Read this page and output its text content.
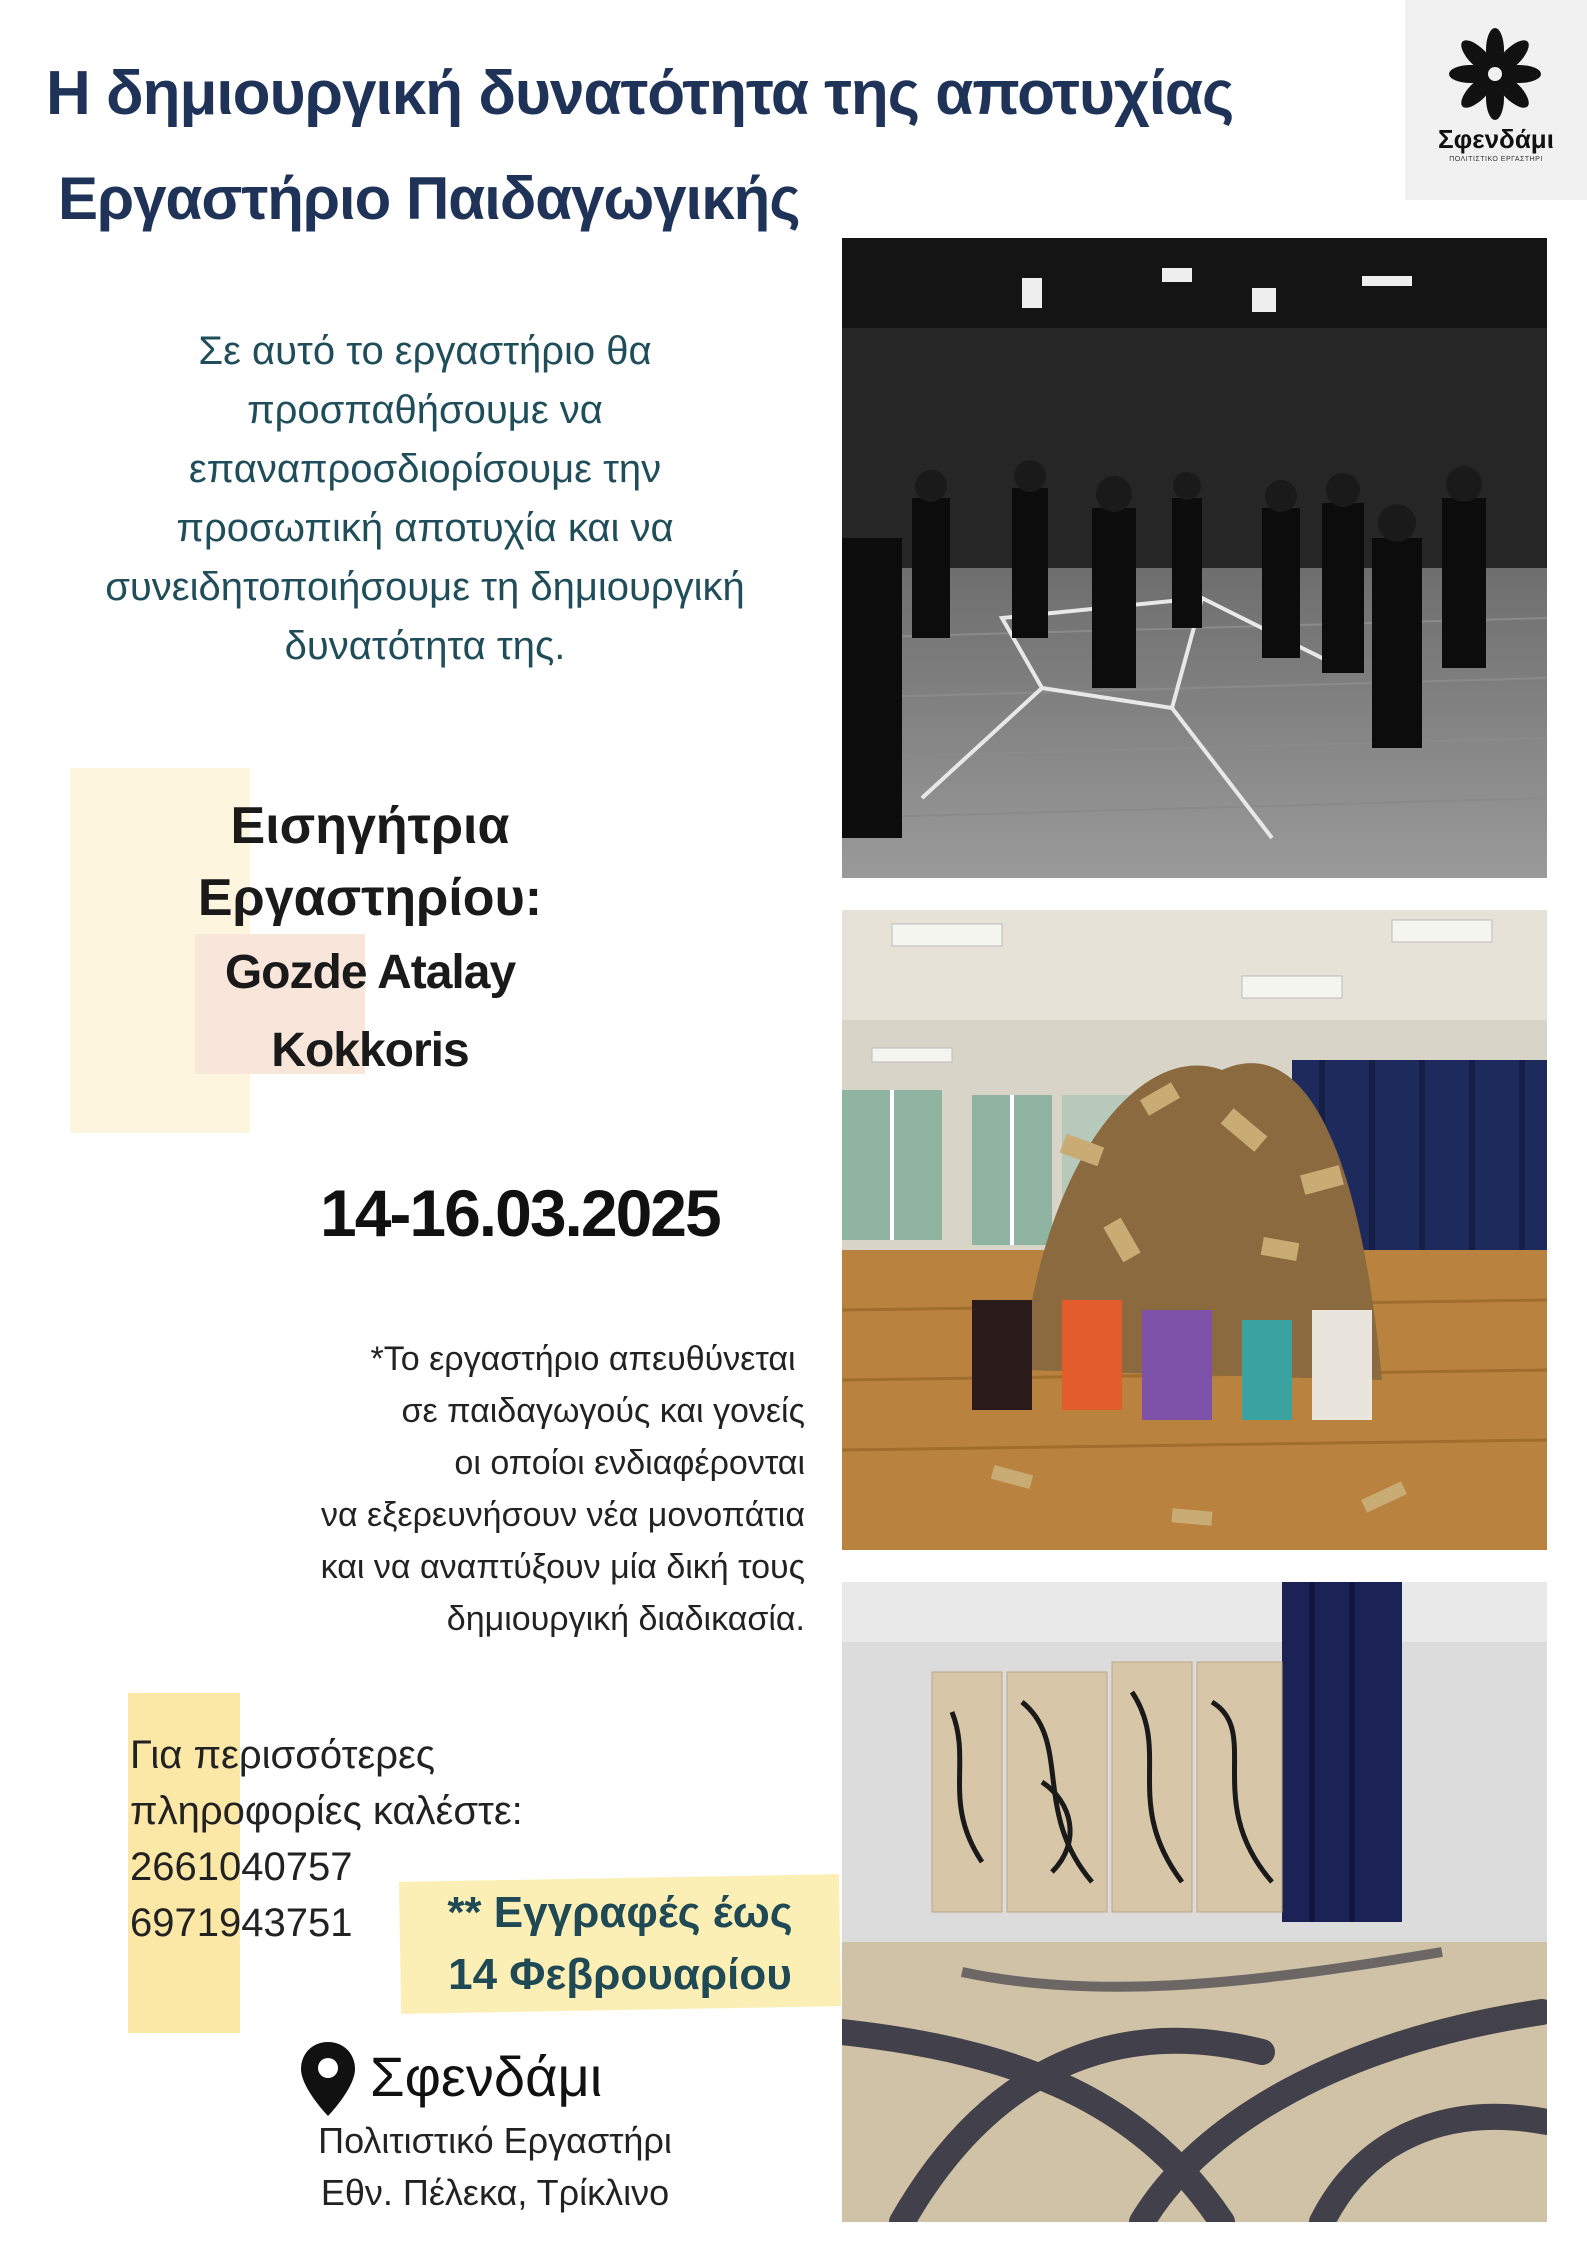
Η δημιουργική δυνατότητα της αποτυχίας
Εργαστήριο Παιδαγωγικής
Σφενδάμι
ΠΟΛΙΤΙΣΤΙΚΟ ΕΡΓΑΣΤΗΡΙ
Σε αυτό το εργαστήριο θα
προσπαθήσουμε να
επαναπροσδιορίσουμε την
προσωπική αποτυχία και να
συνειδητοποιήσουμε τη δημιουργική
δυνατότητα της.
Εισηγήτρια
Εργαστηρίου:
Gozde Atalay
Kokkoris
14-16.03.2025
*Το εργαστήριο απευθύνεται
σε παιδαγωγούς και γονείς
οι οποίοι ενδιαφέρονται
να εξερευνήσουν νέα μονοπάτια
και να αναπτύξουν μία δική τους
δημιουργική διαδικασία.
Για περισσότερες
πληροφορίες καλέστε:
2661040757
6971943751	** Εγγραφές έως
14 Φεβρουαρίου
Σφενδάμι
Πολιτιστικό Εργαστήρι
Εθν. Πέλεκα, Τρίκλινο
